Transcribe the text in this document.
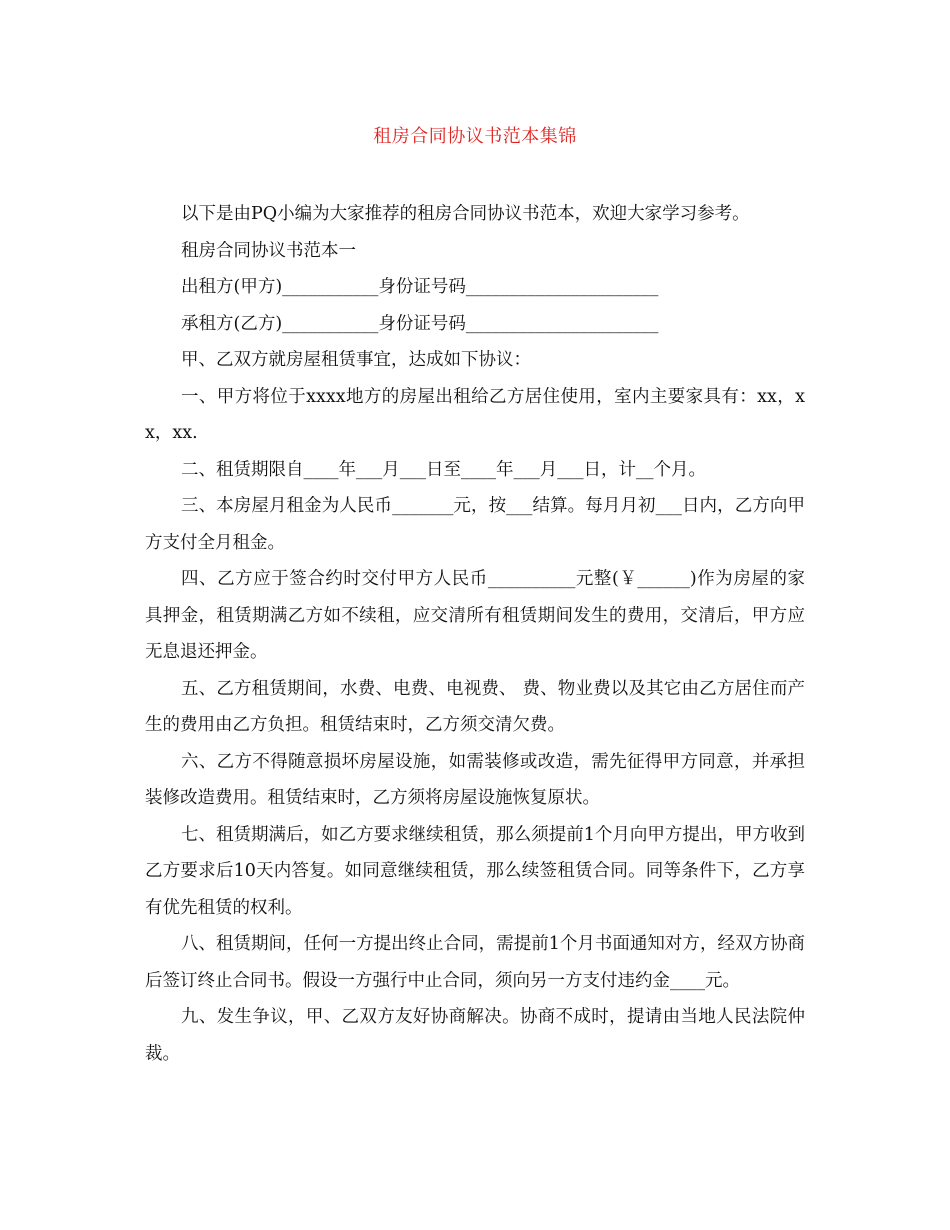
租房合同协议书范本集锦

以下是由PQ小编为大家推荐的租房合同协议书范本，欢迎大家学习参考。

租房合同协议书范本一

出租方(甲方)___________身份证号码______________________

承租方(乙方)___________身份证号码______________________

甲、乙双方就房屋租赁事宜，达成如下协议：

一、甲方将位于xxxx地方的房屋出租给乙方居住使用，室内主要家具有：xx，xx，xx.

二、租赁期限自____年___月___日至____年___月___日，计__个月。

三、本房屋月租金为人民币_______元，按___结算。每月月初___日内，乙方向甲方支付全月租金。

四、乙方应于签合约时交付甲方人民币__________元整(￥______)作为房屋的家具押金，租赁期满乙方如不续租，应交清所有租赁期间发生的费用，交清后，甲方应无息退还押金。

五、乙方租赁期间，水费、电费、电视费、 费、物业费以及其它由乙方居住而产生的费用由乙方负担。租赁结束时，乙方须交清欠费。

六、乙方不得随意损坏房屋设施，如需装修或改造，需先征得甲方同意，并承担装修改造费用。租赁结束时，乙方须将房屋设施恢复原状。

七、租赁期满后，如乙方要求继续租赁，那么须提前1个月向甲方提出，甲方收到乙方要求后10天内答复。如同意继续租赁，那么续签租赁合同。同等条件下，乙方享有优先租赁的权利。

八、租赁期间，任何一方提出终止合同，需提前1个月书面通知对方，经双方协商后签订终止合同书。假设一方强行中止合同，须向另一方支付违约金____元。

九、发生争议，甲、乙双方友好协商解决。协商不成时，提请由当地人民法院仲裁。
